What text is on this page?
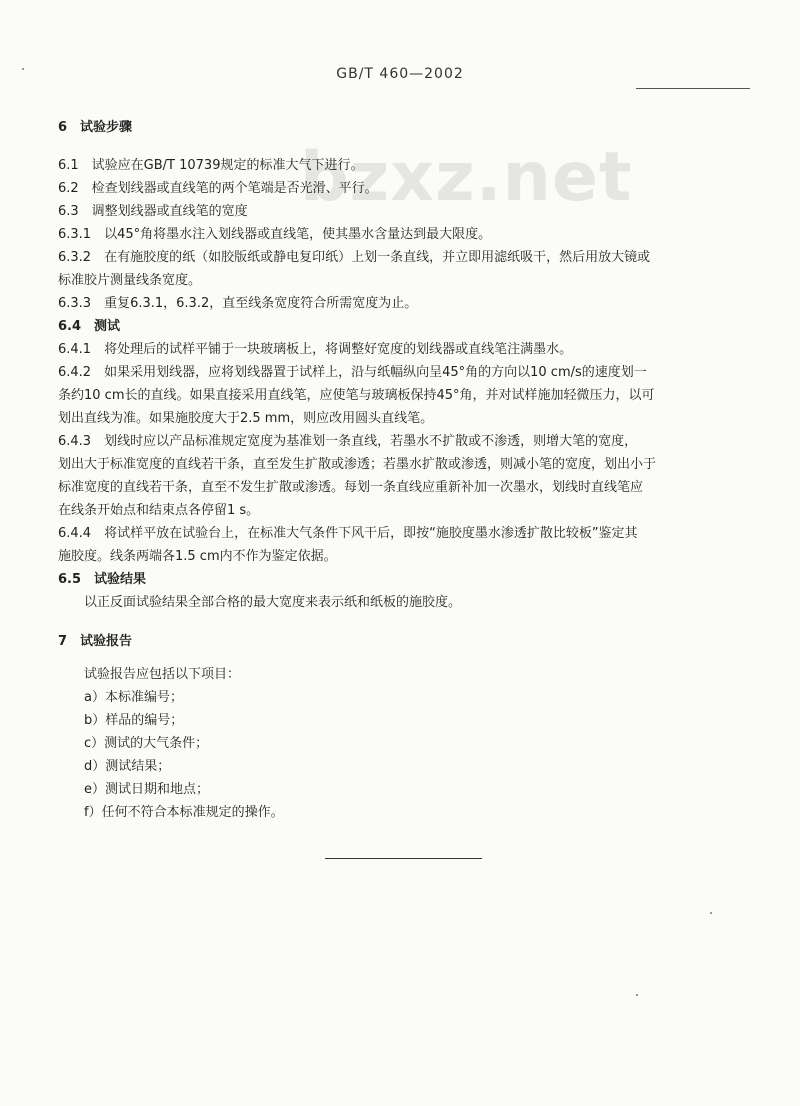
GB/T 460—2002
bzxz.net
6　试验步骤
6.1　试验应在GB/T 10739规定的标准大气下进行。
6.2　检查划线器或直线笔的两个笔端是否光滑、平行。
6.3　调整划线器或直线笔的宽度
6.3.1　以45°角将墨水注入划线器或直线笔，使其墨水含量达到最大限度。
6.3.2　在有施胶度的纸（如胶版纸或静电复印纸）上划一条直线，并立即用滤纸吸干，然后用放大镜或
标准胶片测量线条宽度。
6.3.3　重复6.3.1，6.3.2，直至线条宽度符合所需宽度为止。
6.4　测试
6.4.1　将处理后的试样平铺于一块玻璃板上，将调整好宽度的划线器或直线笔注满墨水。
6.4.2　如果采用划线器，应将划线器置于试样上，沿与纸幅纵向呈45°角的方向以10 cm/s的速度划一
条约10 cm长的直线。如果直接采用直线笔，应使笔与玻璃板保持45°角，并对试样施加轻微压力，以可
划出直线为准。如果施胶度大于2.5 mm，则应改用圆头直线笔。
6.4.3　划线时应以产品标准规定宽度为基准划一条直线，若墨水不扩散或不渗透，则增大笔的宽度，
划出大于标准宽度的直线若干条，直至发生扩散或渗透；若墨水扩散或渗透，则减小笔的宽度，划出小于
标准宽度的直线若干条，直至不发生扩散或渗透。每划一条直线应重新补加一次墨水，划线时直线笔应
在线条开始点和结束点各停留1 s。
6.4.4　将试样平放在试验台上，在标准大气条件下风干后，即按“施胶度墨水渗透扩散比较板”鉴定其
施胶度。线条两端各1.5 cm内不作为鉴定依据。
6.5　试验结果
以正反面试验结果全部合格的最大宽度来表示纸和纸板的施胶度。
7　试验报告
试验报告应包括以下项目：
a）本标准编号；
b）样品的编号；
c）测试的大气条件；
d）测试结果；
e）测试日期和地点；
f）任何不符合本标准规定的操作。
